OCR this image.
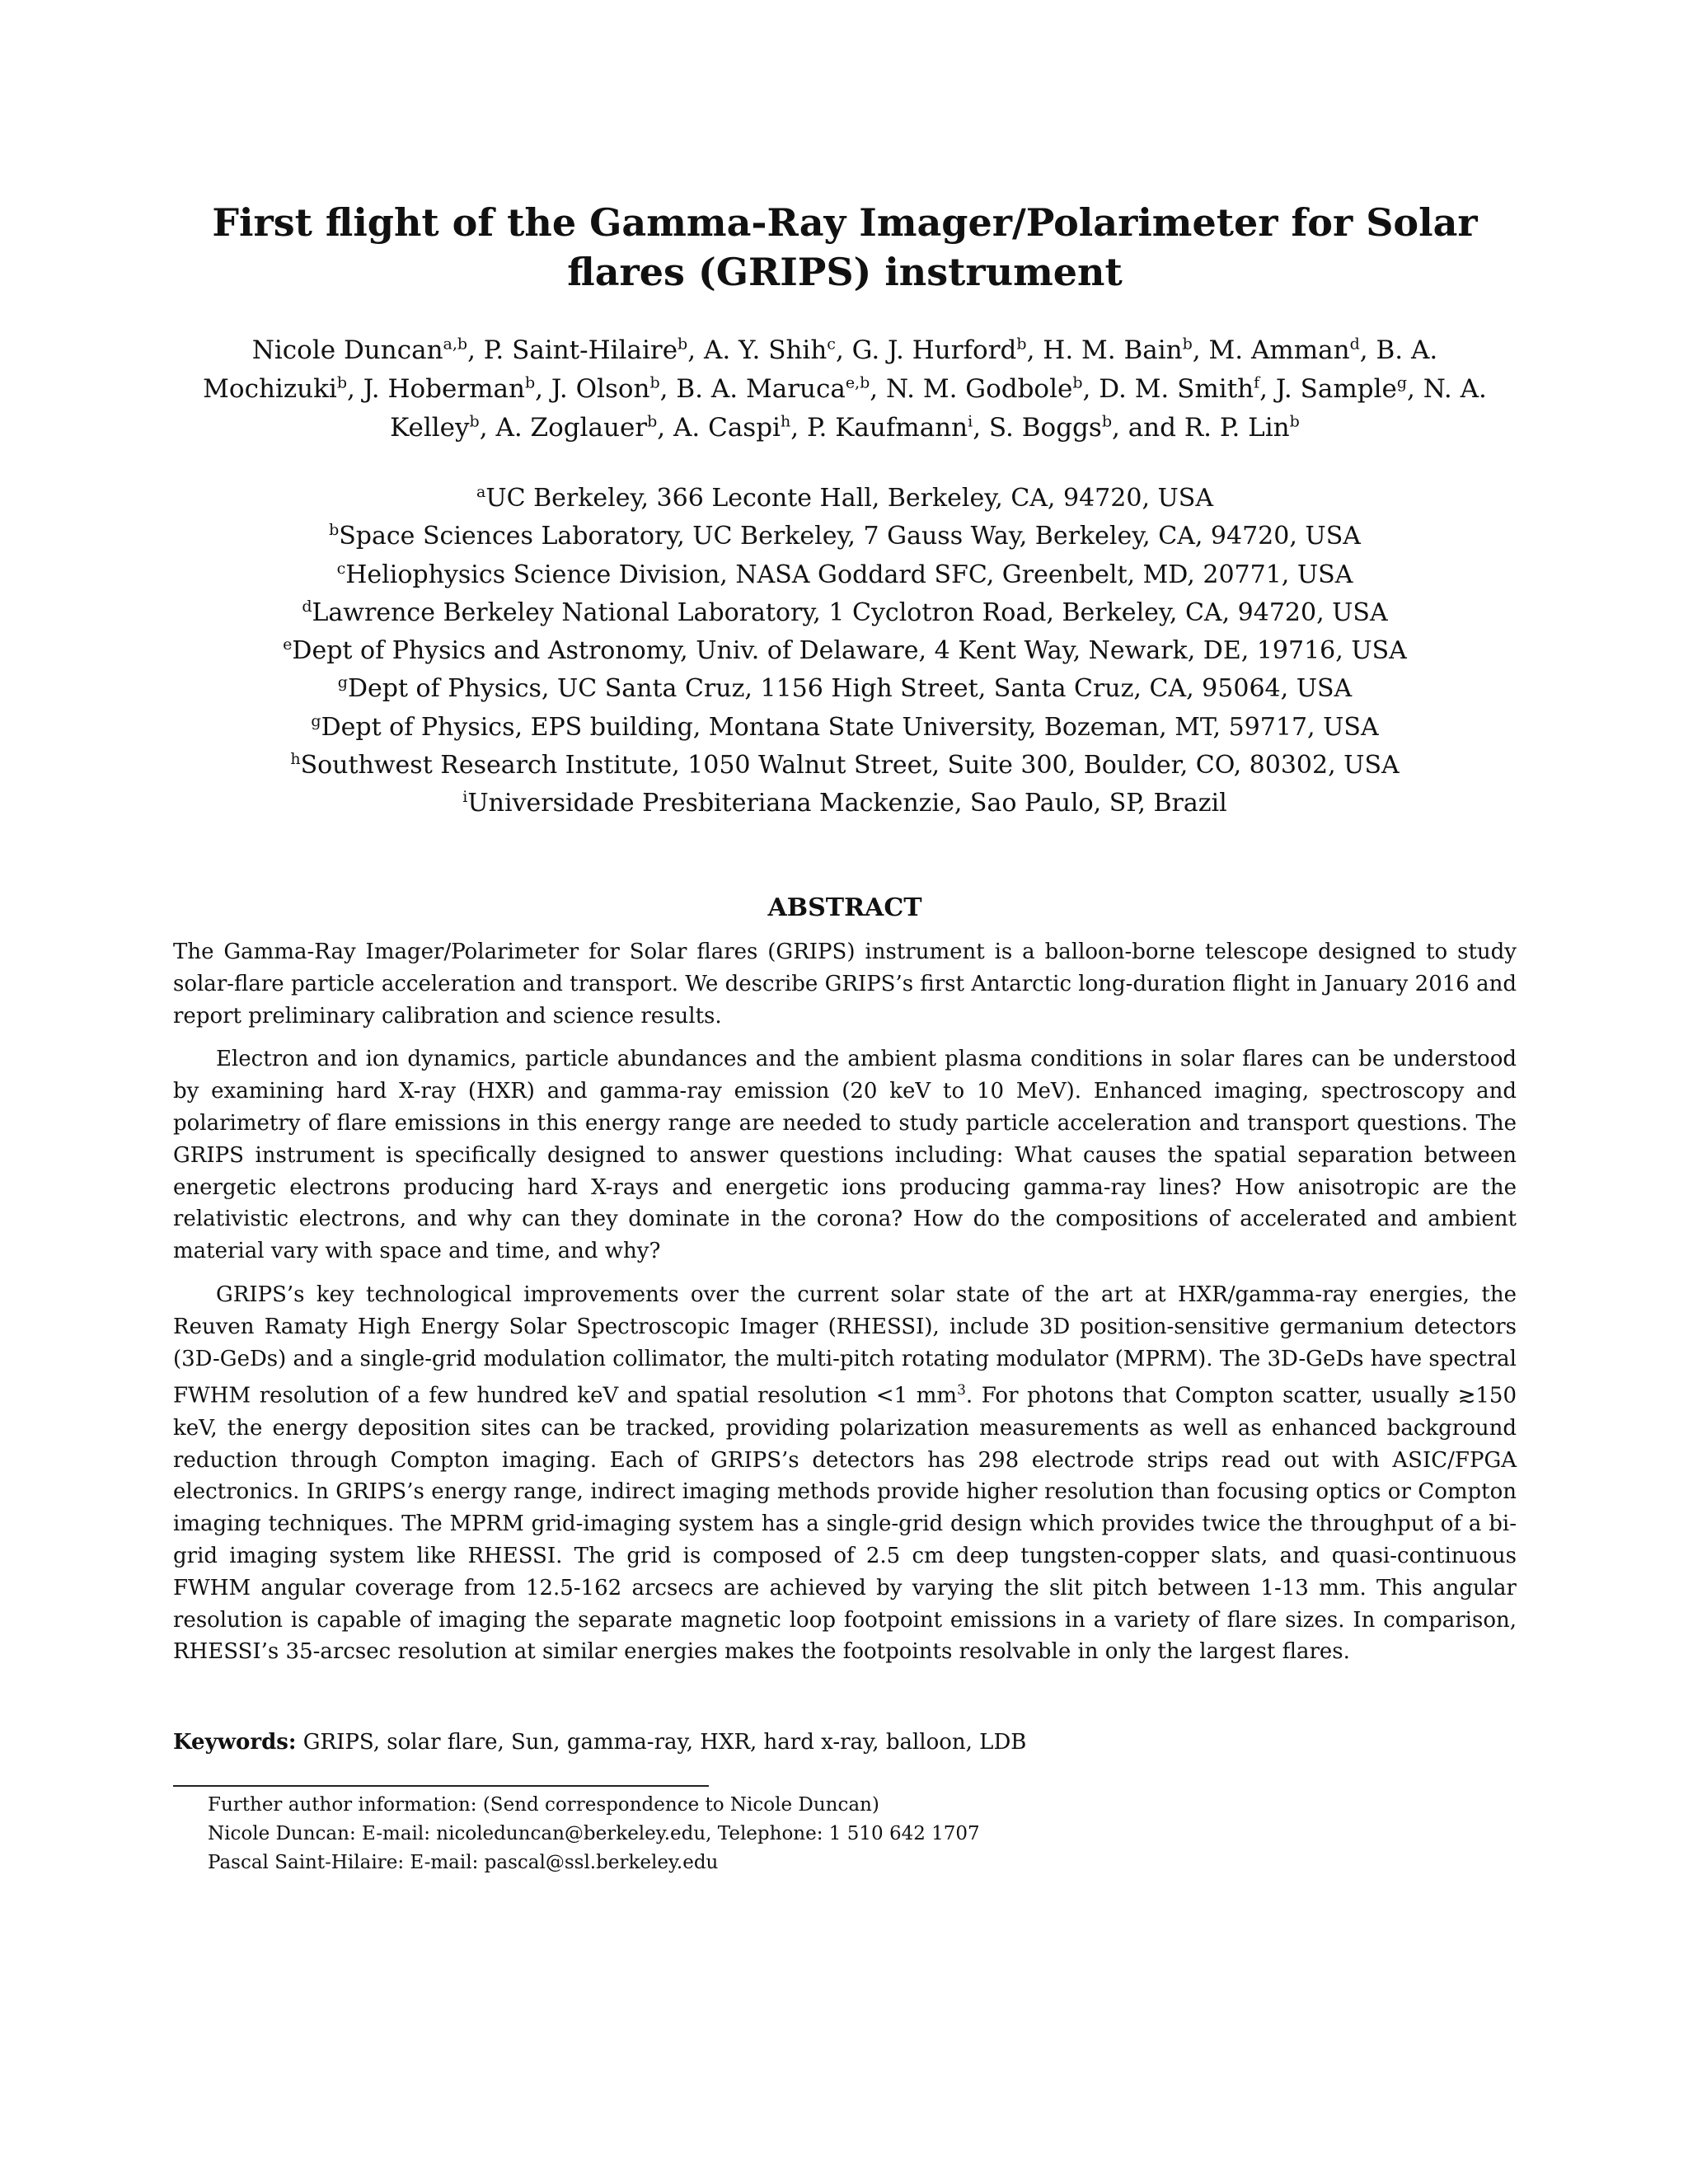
First flight of the Gamma-Ray Imager/Polarimeter for Solar flares (GRIPS) instrument
Nicole Duncan$^{a,b}$, P. Saint-Hilaire$^b$, A. Y. Shih$^c$, G. J. Hurford$^b$, H. M. Bain$^b$, M. Amman$^d$, B. A. Mochizuki$^b$, J. Hoberman$^b$, J. Olson$^b$, B. A. Maruca$^{e,b}$, N. M. Godbole$^b$, D. M. Smith$^f$, J. Sample$^g$, N. A. Kelley$^b$, A. Zoglauer$^b$, A. Caspi$^h$, P. Kaufmann$^i$, S. Boggs$^b$, and R. P. Lin$^b$
$^a$UC Berkeley, 366 Leconte Hall, Berkeley, CA, 94720, USA
$^b$Space Sciences Laboratory, UC Berkeley, 7 Gauss Way, Berkeley, CA, 94720, USA
$^c$Heliophysics Science Division, NASA Goddard SFC, Greenbelt, MD, 20771, USA
$^d$Lawrence Berkeley National Laboratory, 1 Cyclotron Road, Berkeley, CA, 94720, USA
$^e$Dept of Physics and Astronomy, Univ. of Delaware, 4 Kent Way, Newark, DE, 19716, USA
$^g$Dept of Physics, UC Santa Cruz, 1156 High Street, Santa Cruz, CA, 95064, USA
$^g$Dept of Physics, EPS building, Montana State University, Bozeman, MT, 59717, USA
$^h$Southwest Research Institute, 1050 Walnut Street, Suite 300, Boulder, CO, 80302, USA
$^i$Universidade Presbiteriana Mackenzie, Sao Paulo, SP, Brazil
ABSTRACT

The Gamma-Ray Imager/Polarimeter for Solar flares (GRIPS) instrument is a balloon-borne telescope designed to study solar-flare particle acceleration and transport. We describe GRIPS’s first Antarctic long-duration flight in January 2016 and report preliminary calibration and science results.

Electron and ion dynamics, particle abundances and the ambient plasma conditions in solar flares can be understood by examining hard X-ray (HXR) and gamma-ray emission (20 keV to 10 MeV). Enhanced imaging, spectroscopy and polarimetry of flare emissions in this energy range are needed to study particle acceleration and transport questions. The GRIPS instrument is specifically designed to answer questions including: What causes the spatial separation between energetic electrons producing hard X-rays and energetic ions producing gamma-ray lines? How anisotropic are the relativistic electrons, and why can they dominate in the corona? How do the compositions of accelerated and ambient material vary with space and time, and why?

GRIPS’s key technological improvements over the current solar state of the art at HXR/gamma-ray energies, the Reuven Ramaty High Energy Solar Spectroscopic Imager (RHESSI), include 3D position-sensitive germanium detectors (3D-GeDs) and a single-grid modulation collimator, the multi-pitch rotating modulator (MPRM). The 3D-GeDs have spectral FWHM resolution of a few hundred keV and spatial resolution <1 $mm^3$. For photons that Compton scatter, usually ≳150 keV, the energy deposition sites can be tracked, providing polarization measurements as well as enhanced background reduction through Compton imaging. Each of GRIPS’s detectors has 298 electrode strips read out with ASIC/FPGA electronics. In GRIPS’s energy range, indirect imaging methods provide higher resolution than focusing optics or Compton imaging techniques. The MPRM grid-imaging system has a single-grid design which provides twice the throughput of a bi-grid imaging system like RHESSI. The grid is composed of 2.5 cm deep tungsten-copper slats, and quasi-continuous FWHM angular coverage from 12.5-162 arcsecs are achieved by varying the slit pitch between 1-13 mm. This angular resolution is capable of imaging the separate magnetic loop footpoint emissions in a variety of flare sizes. In comparison, RHESSI’s 35-arcsec resolution at similar energies makes the footpoints resolvable in only the largest flares.

Keywords: GRIPS, solar flare, Sun, gamma-ray, HXR, hard x-ray, balloon, LDB

Further author information: (Send correspondence to Nicole Duncan)
Nicole Duncan: E-mail: nicoleduncan@berkeley.edu, Telephone: 1 510 642 1707
Pascal Saint-Hilaire: E-mail: pascal@ssl.berkeley.edu
